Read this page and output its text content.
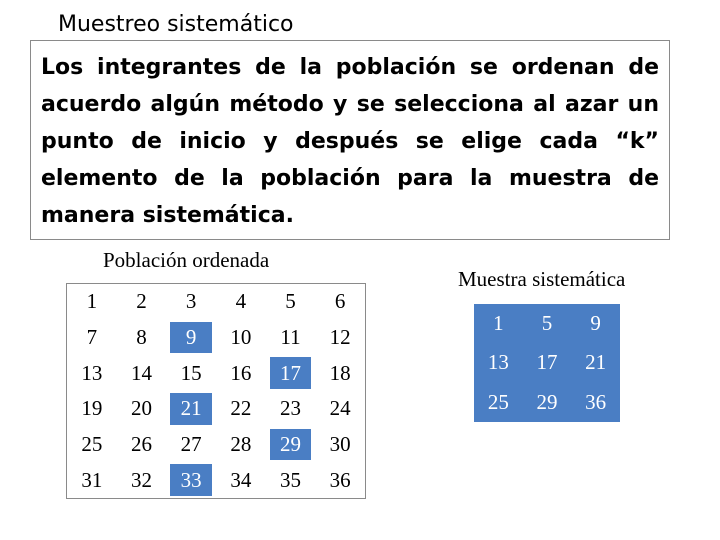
Muestreo sistemático

Los integrantes de la población se ordenan de acuerdo algún método y se selecciona al azar un punto de inicio y después se elige cada “k” elemento de la población para la muestra de manera sistemática.

Población ordenada
1	2	3	4	5	6
7	8	9	10	11	12
13	14	15	16	17	18
19	20	21	22	23	24
25	26	27	28	29	30
31	32	33	34	35	36
Muestra sistemática
1	5	9
13	17	21
25	29	36
